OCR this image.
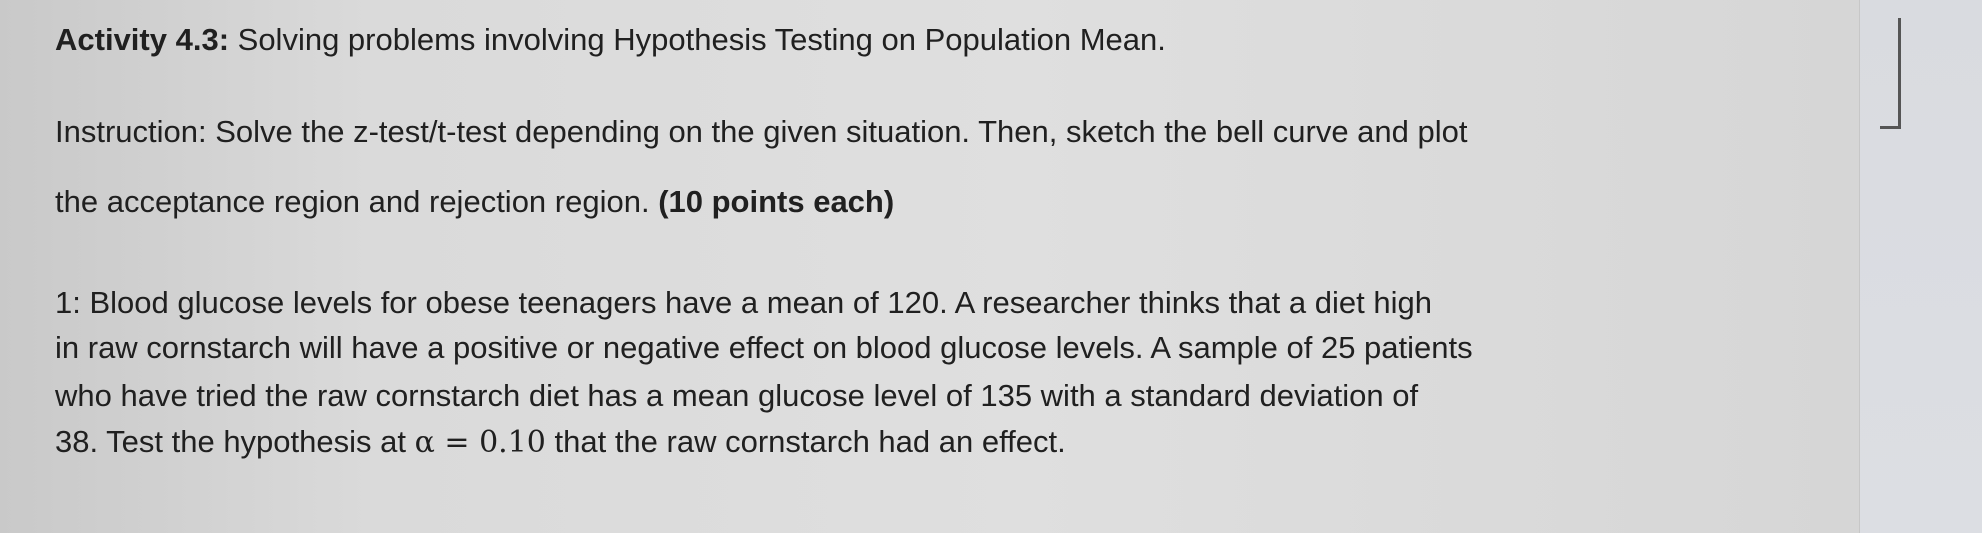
Activity 4.3: Solving problems involving Hypothesis Testing on Population Mean.
Instruction: Solve the z-test/t-test depending on the given situation. Then, sketch the bell curve and plot
the acceptance region and rejection region. (10 points each)
1: Blood glucose levels for obese teenagers have a mean of 120. A researcher thinks that a diet high
in raw cornstarch will have a positive or negative effect on blood glucose levels. A sample of 25 patients
who have tried the raw cornstarch diet has a mean glucose level of 135 with a standard deviation of
38. Test the hypothesis at α = 0.10 that the raw cornstarch had an effect.
